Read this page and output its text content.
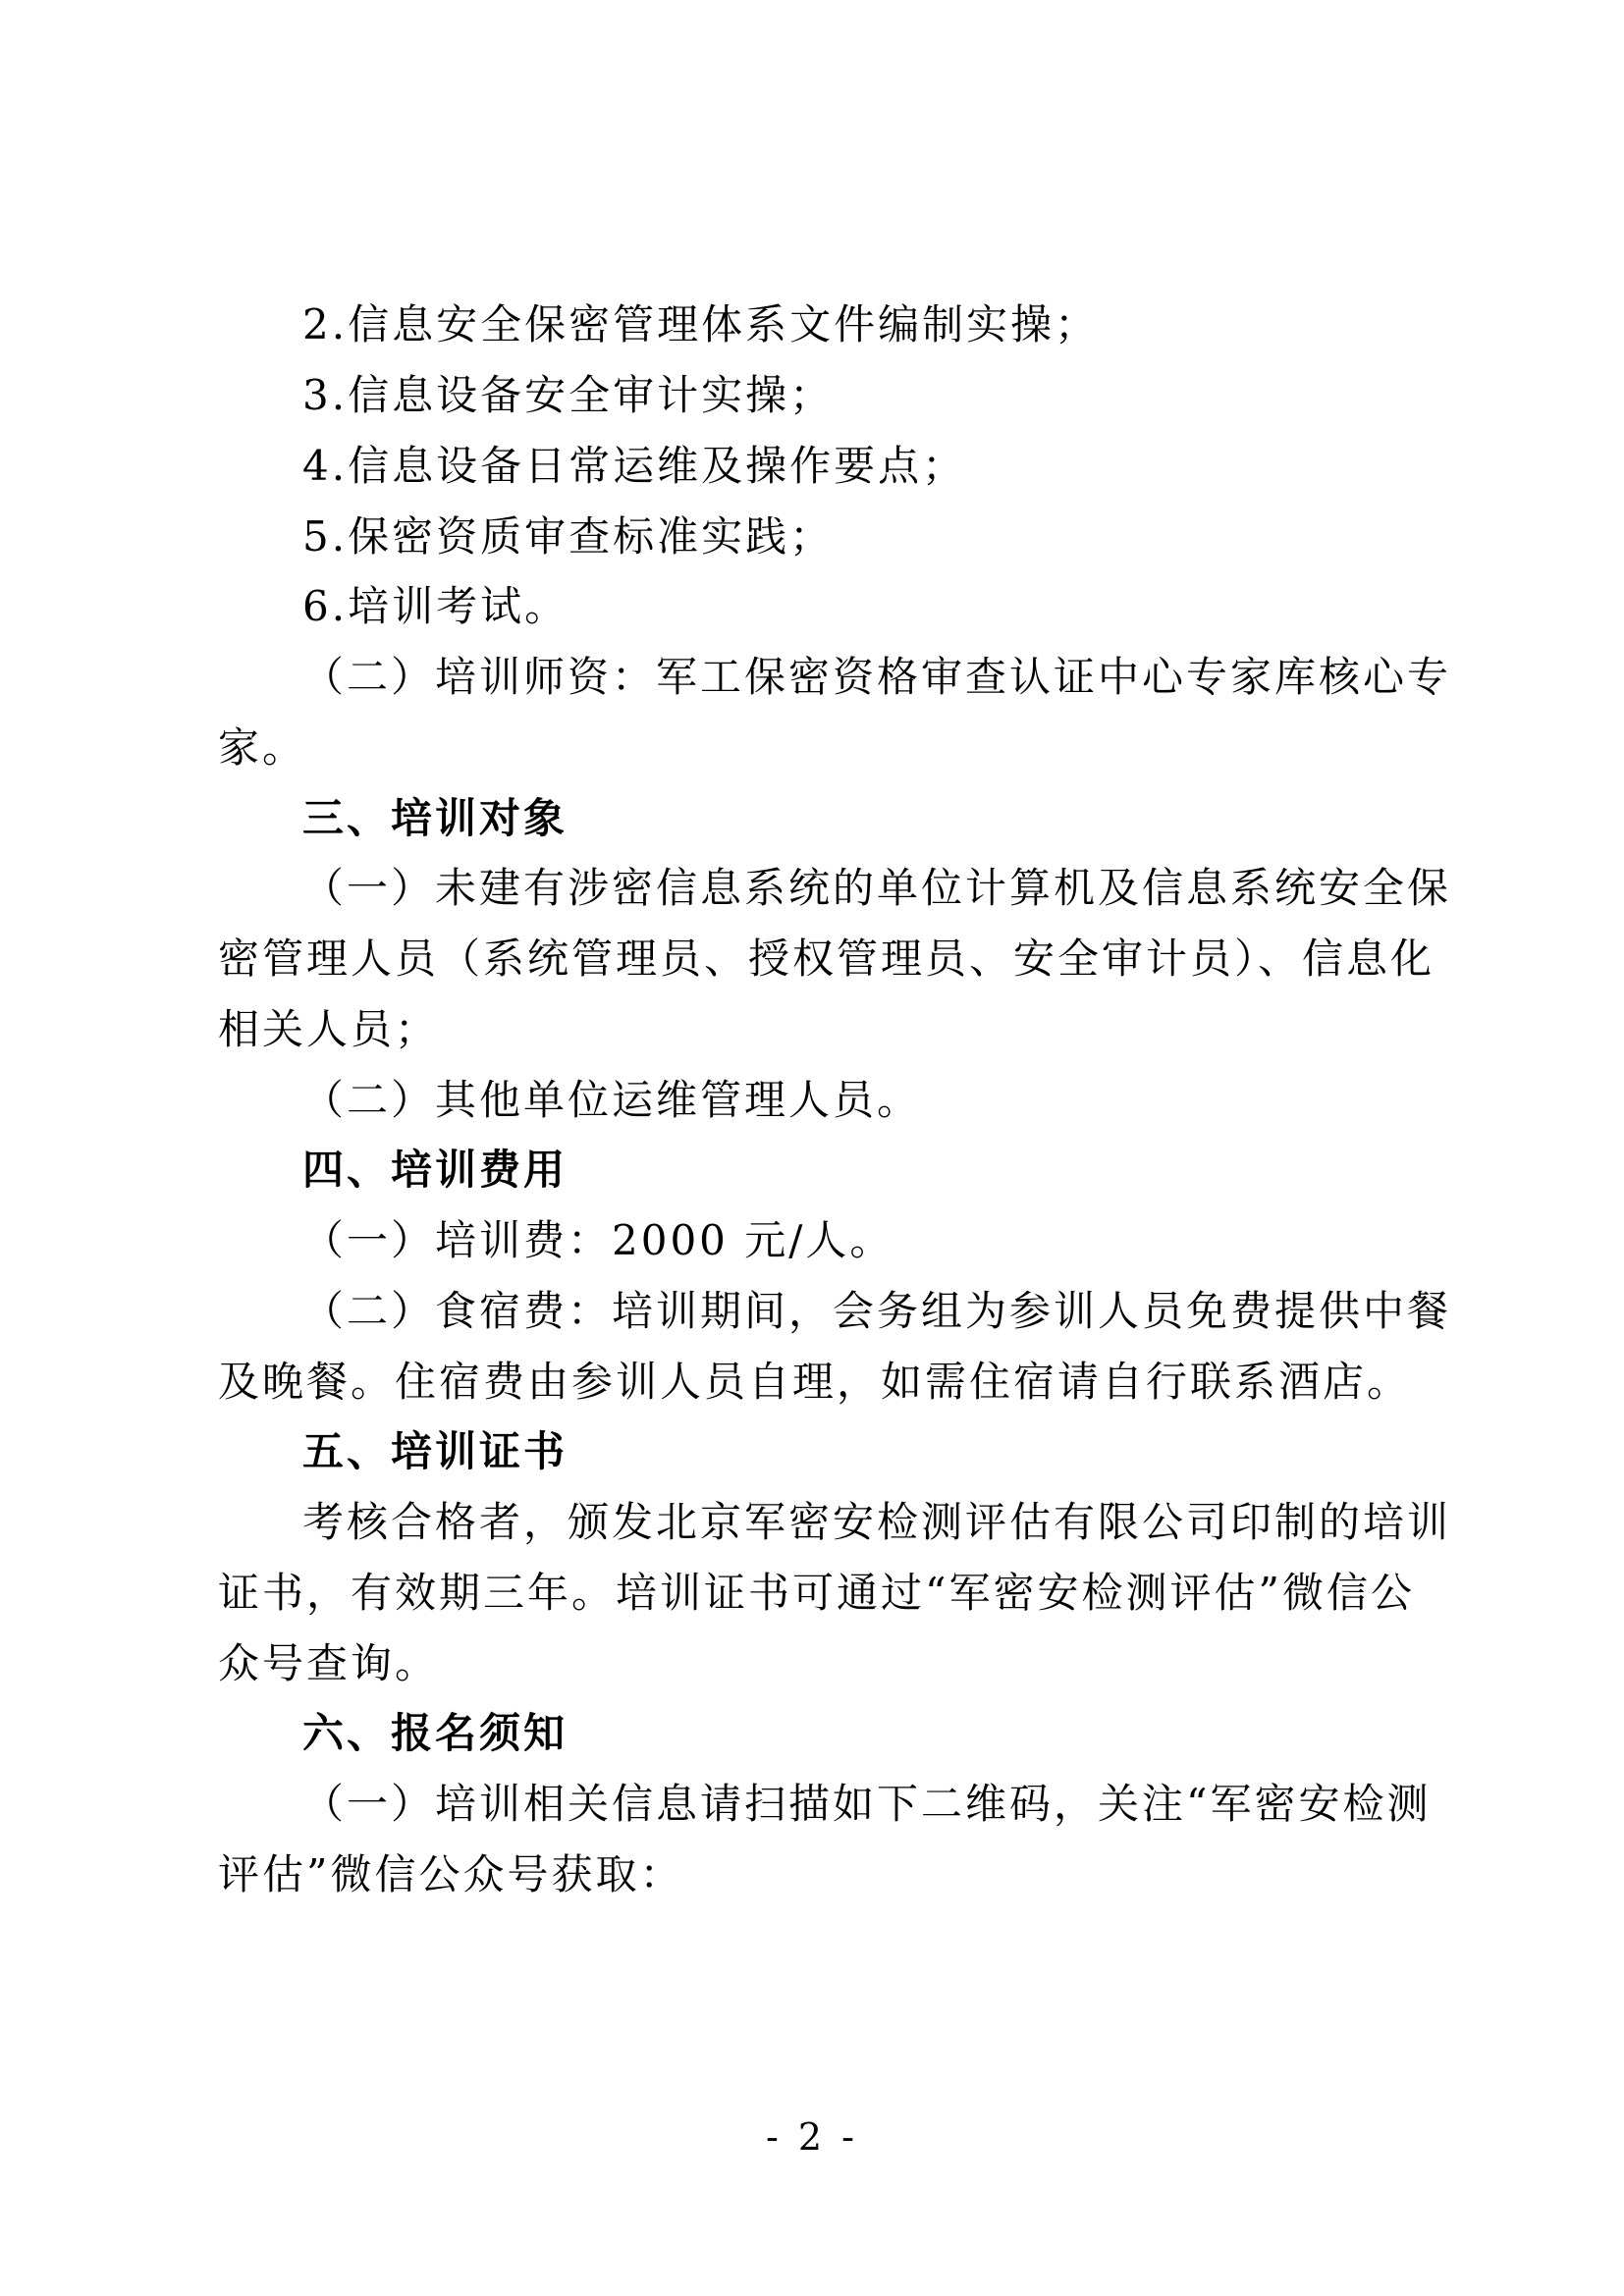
2.信息安全保密管理体系文件编制实操；
3.信息设备安全审计实操；
4.信息设备日常运维及操作要点；
5.保密资质审查标准实践；
6.培训考试。
（二）培训师资：军工保密资格审查认证中心专家库核心专
家。
三、培训对象
（一）未建有涉密信息系统的单位计算机及信息系统安全保
密管理人员（系统管理员、授权管理员、安全审计员）、信息化
相关人员；
（二）其他单位运维管理人员。
四、培训费用
（一）培训费：2000 元/人。
（二）食宿费：培训期间，会务组为参训人员免费提供中餐
及晚餐。住宿费由参训人员自理，如需住宿请自行联系酒店。
五、培训证书
考核合格者，颁发北京军密安检测评估有限公司印制的培训
证书，有效期三年。培训证书可通过“军密安检测评估”微信公
众号查询。
六、报名须知
（一）培训相关信息请扫描如下二维码，关注“军密安检测
评估”微信公众号获取：
- 2 -
